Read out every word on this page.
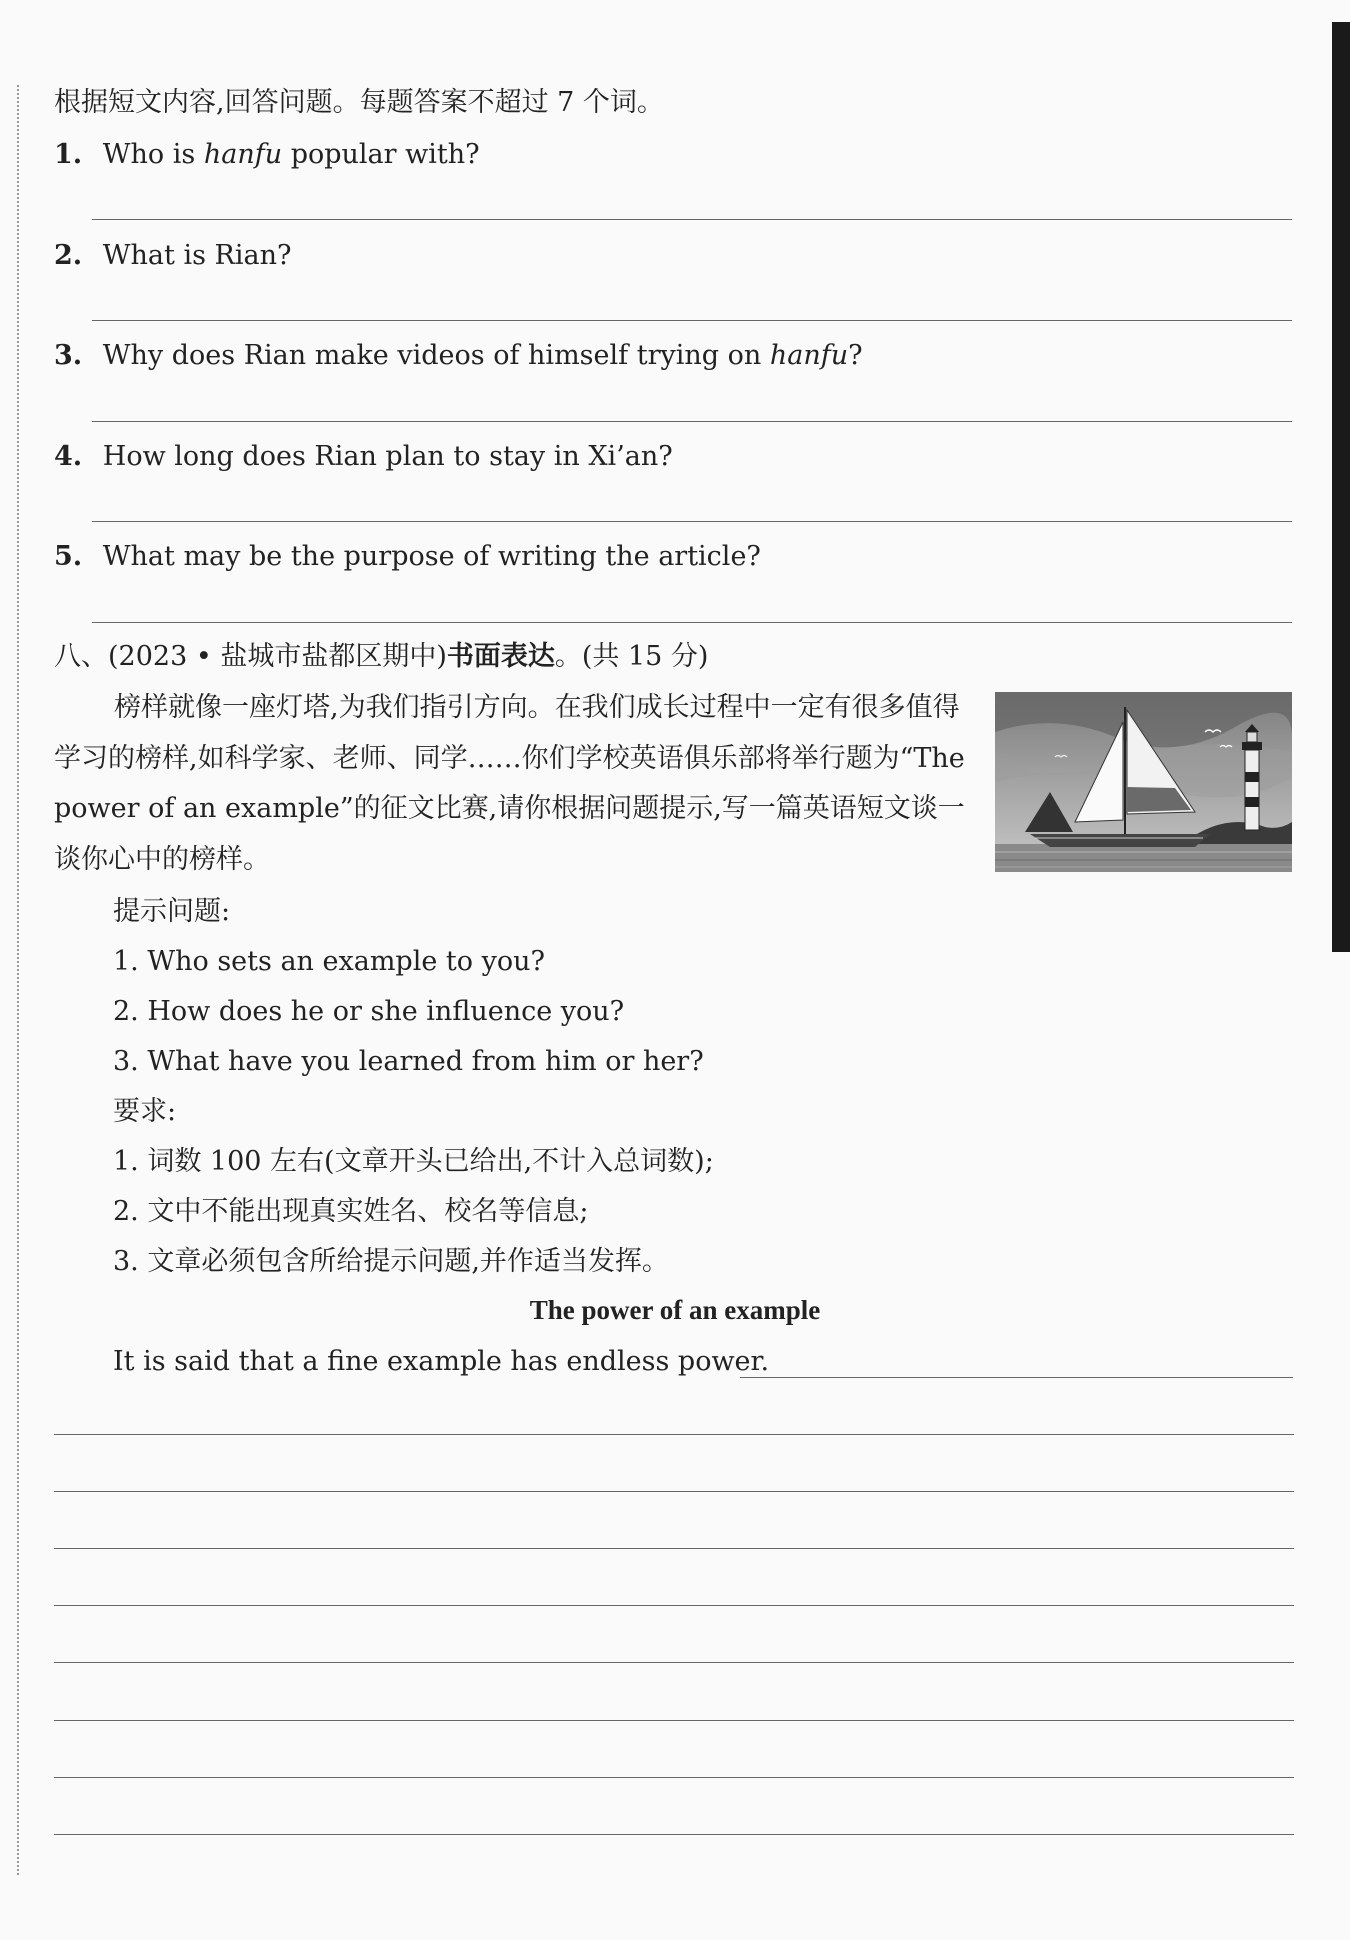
根据短文内容,回答问题。每题答案不超过 7 个词。
1. Who is hanfu popular with?
2. What is Rian?
3. Why does Rian make videos of himself trying on hanfu?
4. How long does Rian plan to stay in Xi’an?
5. What may be the purpose of writing the article?
八、(2023 • 盐城市盐都区期中)书面表达。(共 15 分)
榜样就像一座灯塔,为我们指引方向。在我们成长过程中一定有很多值得学习的榜样,如科学家、老师、同学……你们学校英语俱乐部将举行题为“The power of an example”的征文比赛,请你根据问题提示,写一篇英语短文谈一谈你心中的榜样。
提示问题:
1. Who sets an example to you?
2. How does he or she influence you?
3. What have you learned from him or her?
要求:
1. 词数 100 左右(文章开头已给出,不计入总词数);
2. 文中不能出现真实姓名、校名等信息;
3. 文章必须包含所给提示问题,并作适当发挥。
The power of an example
It is said that a fine example has endless power.
